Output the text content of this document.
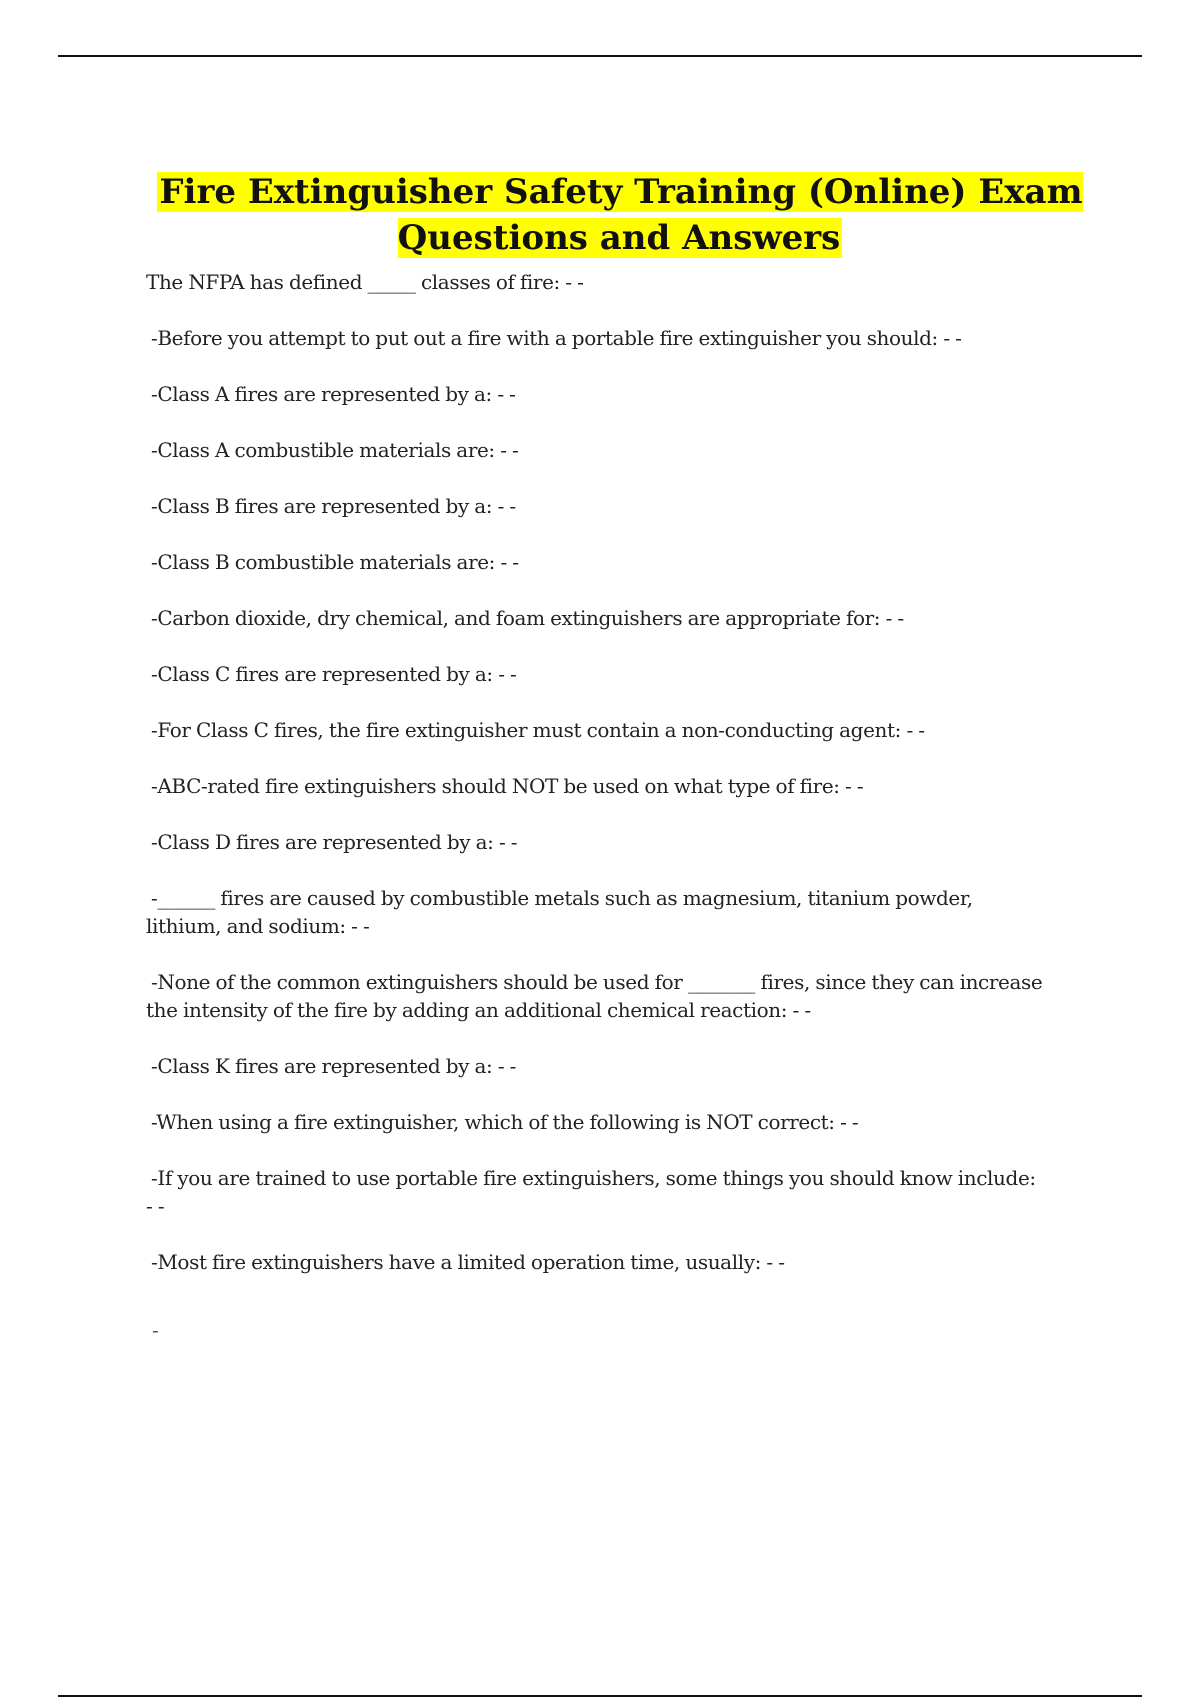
Fire Extinguisher Safety Training (Online) Exam Questions and Answers
The NFPA has defined _____ classes of fire: - -
-Before you attempt to put out a fire with a portable fire extinguisher you should: - -
-Class A fires are represented by a: - -
-Class A combustible materials are: - -
-Class B fires are represented by a: - -
-Class B combustible materials are: - -
-Carbon dioxide, dry chemical, and foam extinguishers are appropriate for: - -
-Class C fires are represented by a: - -
-For Class C fires, the fire extinguisher must contain a non-conducting agent: - -
-ABC-rated fire extinguishers should NOT be used on what type of fire: - -
-Class D fires are represented by a: - -
-______ fires are caused by combustible metals such as magnesium, titanium powder, lithium, and sodium: - -
-None of the common extinguishers should be used for _______ fires, since they can increase the intensity of the fire by adding an additional chemical reaction: - -
-Class K fires are represented by a: - -
-When using a fire extinguisher, which of the following is NOT correct: - -
-If you are trained to use portable fire extinguishers, some things you should know include: - -
-Most fire extinguishers have a limited operation time, usually: - -
-
